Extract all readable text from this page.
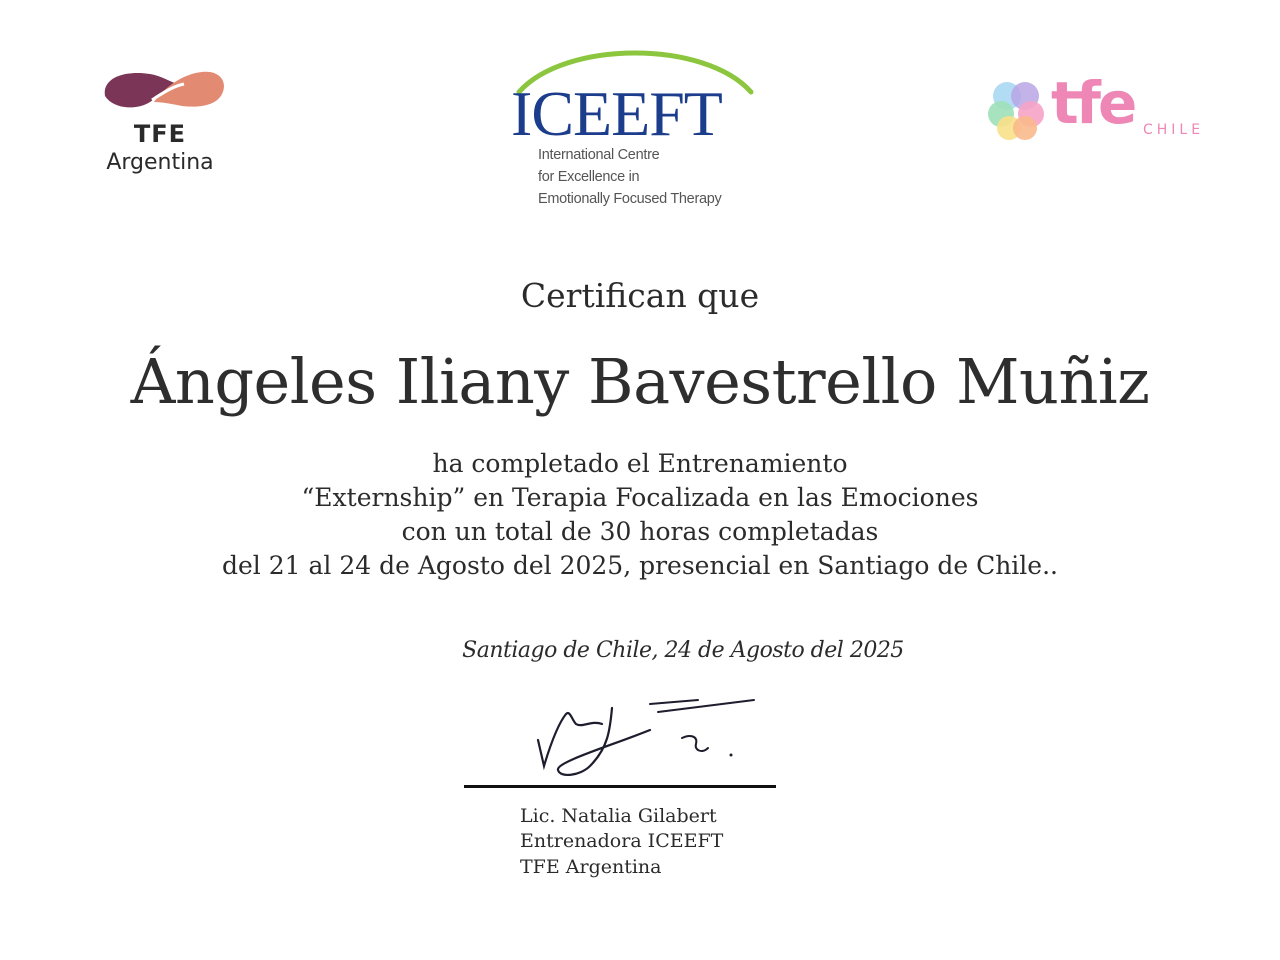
TFE
Argentina
ICEEFT
International Centre
for Excellence in
Emotionally Focused Therapy
tfe CHILE
Certifican que
Ángeles Iliany Bavestrello Muñiz
ha completado el Entrenamiento
“Externship” en Terapia Focalizada en las Emociones
con un total de 30 horas completadas
del 21 al 24 de Agosto del 2025, presencial en Santiago de Chile..
Santiago de Chile, 24 de Agosto del 2025
Lic. Natalia Gilabert
Entrenadora ICEEFT
TFE Argentina
